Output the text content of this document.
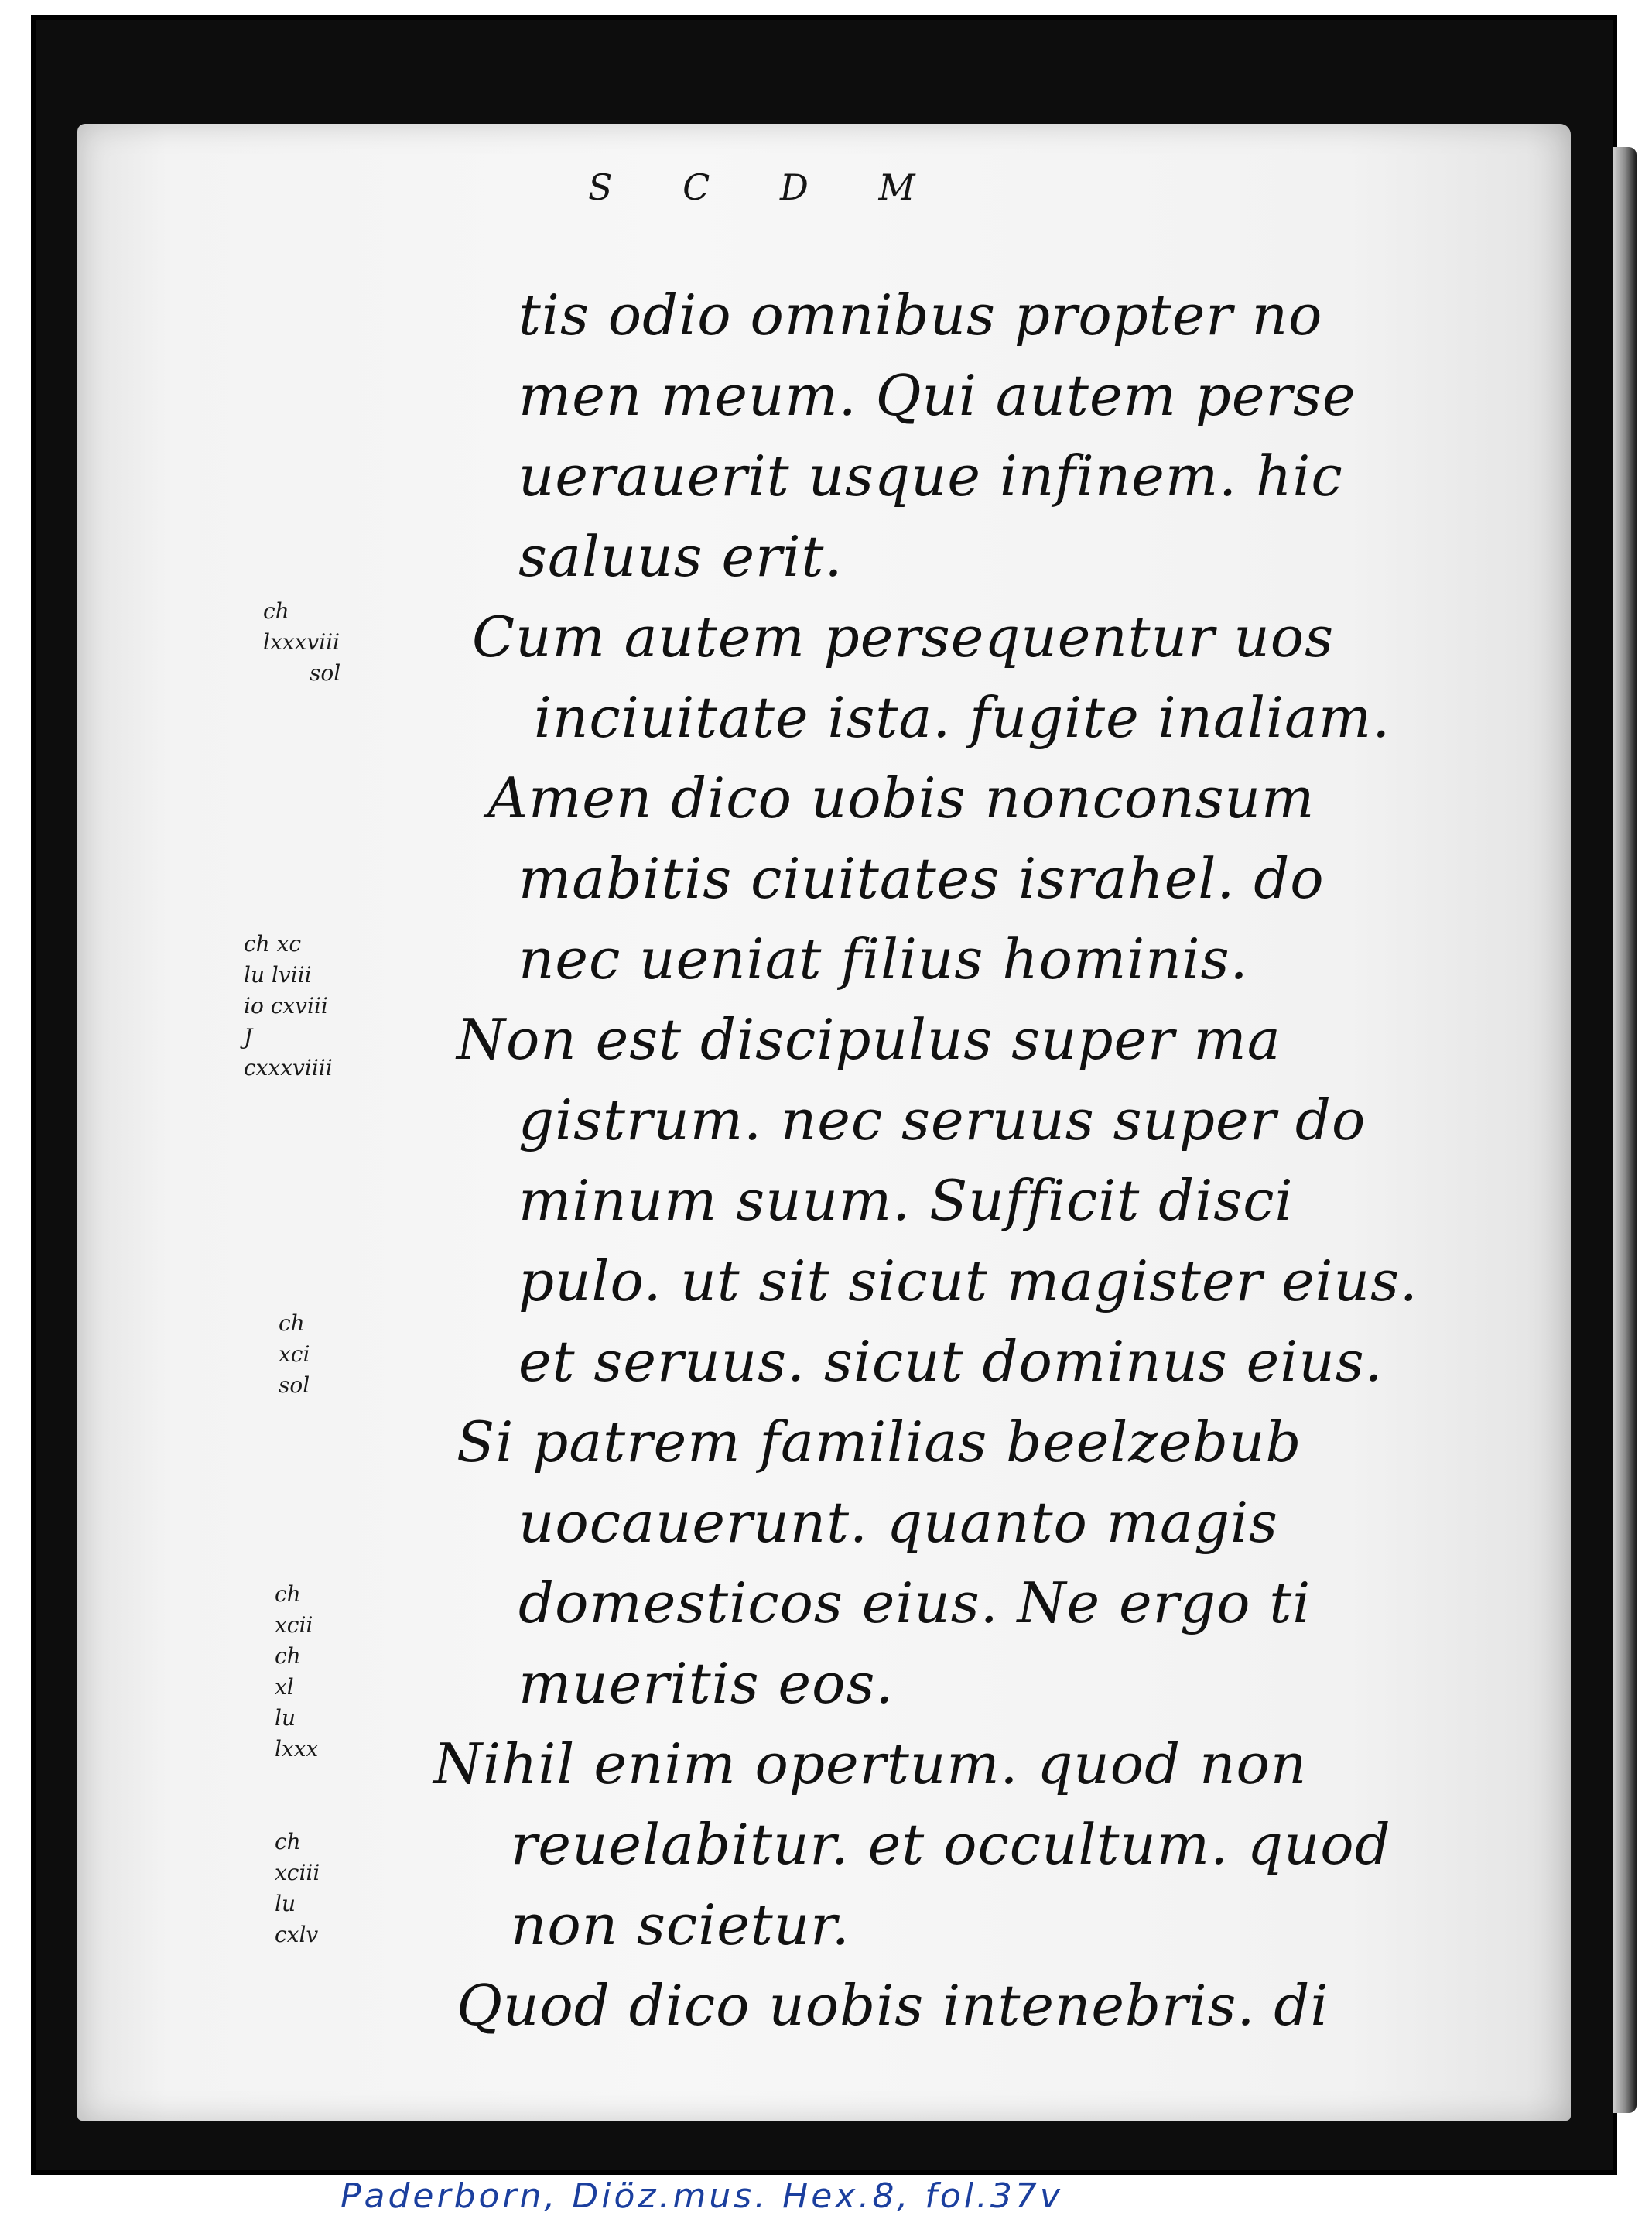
S C D M
ch lxxxviii
sol
ch xc
lu lviii
io cxviii
J cxxxviiii
ch xci
sol
ch xcii
ch xl
lu lxxx
ch xciii
lu cxlv
tis odio omnibus propter no
men meum. Qui autem perse
uerauerit usque infinem. hic
saluus erit.
Cum autem persequentur uos
inciuitate ista. fugite inaliam.
Amen dico uobis nonconsum
mabitis ciuitates israhel. do
nec ueniat filius hominis.
Non est discipulus super ma
gistrum. nec seruus super do
minum suum. Sufficit disci
pulo. ut sit sicut magister eius.
et seruus. sicut dominus eius.
Si patrem familias beelzebub
uocauerunt. quanto magis
domesticos eius. Ne ergo ti
mueritis eos.
Nihil enim opertum. quod non
reuelabitur. et occultum. quod
non scietur.
Quod dico uobis intenebris. di
Paderborn, Diöz.mus. Hex.8, fol.37v
